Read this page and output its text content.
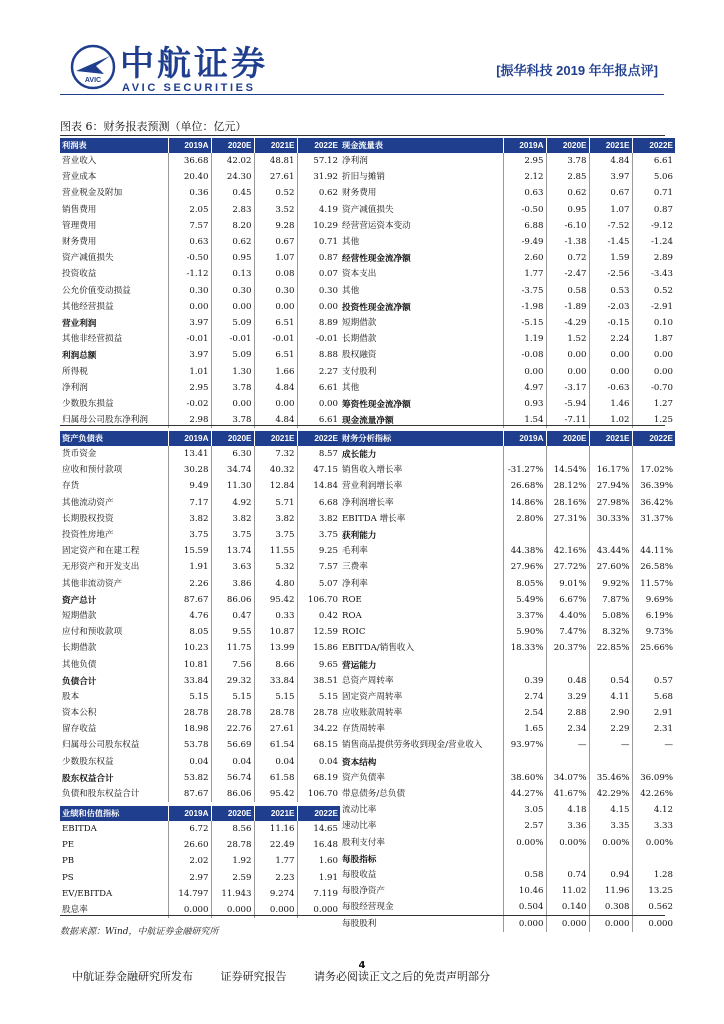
AVIC 中航证券
AVIC SECURITIES
[振华科技 2019 年年报点评]
图表 6：财务报表预测（单位：亿元）
利润表	2019A	2020E	2021E	2022E
营业收入	36.68	42.02	48.81	57.12
营业成本	20.40	24.30	27.61	31.92
营业税金及附加	0.36	0.45	0.52	0.62
销售费用	2.05	2.83	3.52	4.19
管理费用	7.57	8.20	9.28	10.29
财务费用	0.63	0.62	0.67	0.71
资产减值损失	-0.50	0.95	1.07	0.87
投资收益	-1.12	0.13	0.08	0.07
公允价值变动损益	0.30	0.30	0.30	0.30
其他经营损益	0.00	0.00	0.00	0.00
营业利润	3.97	5.09	6.51	8.89
其他非经营损益	-0.01	-0.01	-0.01	-0.01
利润总额	3.97	5.09	6.51	8.88
所得税	1.01	1.30	1.66	2.27
净利润	2.95	3.78	4.84	6.61
少数股东损益	-0.02	0.00	0.00	0.00
归属母公司股东净利润	2.98	3.78	4.84	6.61
现金流量表	2019A	2020E	2021E	2022E
净利润	2.95	3.78	4.84	6.61
折旧与摊销	2.12	2.85	3.97	5.06
财务费用	0.63	0.62	0.67	0.71
资产减值损失	-0.50	0.95	1.07	0.87
经营营运资本变动	6.88	-6.10	-7.52	-9.12
其他	-9.49	-1.38	-1.45	-1.24
经营性现金流净额	2.60	0.72	1.59	2.89
资本支出	1.77	-2.47	-2.56	-3.43
其他	-3.75	0.58	0.53	0.52
投资性现金流净额	-1.98	-1.89	-2.03	-2.91
短期借款	-5.15	-4.29	-0.15	0.10
长期借款	1.19	1.52	2.24	1.87
股权融资	-0.08	0.00	0.00	0.00
支付股利	0.00	0.00	0.00	0.00
其他	4.97	-3.17	-0.63	-0.70
筹资性现金流净额	0.93	-5.94	1.46	1.27
现金流量净额	1.54	-7.11	1.02	1.25
资产负债表	2019A	2020E	2021E	2022E
货币资金	13.41	6.30	7.32	8.57
应收和预付款项	30.28	34.74	40.32	47.15
存货	9.49	11.30	12.84	14.84
其他流动资产	7.17	4.92	5.71	6.68
长期股权投资	3.82	3.82	3.82	3.82
投资性房地产	3.75	3.75	3.75	3.75
固定资产和在建工程	15.59	13.74	11.55	9.25
无形资产和开发支出	1.91	3.63	5.32	7.57
其他非流动资产	2.26	3.86	4.80	5.07
资产总计	87.67	86.06	95.42	106.70
短期借款	4.76	0.47	0.33	0.42
应付和预收款项	8.05	9.55	10.87	12.59
长期借款	10.23	11.75	13.99	15.86
其他负债	10.81	7.56	8.66	9.65
负债合计	33.84	29.32	33.84	38.51
股本	5.15	5.15	5.15	5.15
资本公积	28.78	28.78	28.78	28.78
留存收益	18.98	22.76	27.61	34.22
归属母公司股东权益	53.78	56.69	61.54	68.15
少数股东权益	0.04	0.04	0.04	0.04
股东权益合计	53.82	56.74	61.58	68.19
负债和股东权益合计	87.67	86.06	95.42	106.70
财务分析指标	2019A	2020E	2021E	2022E
成长能力				
销售收入增长率	-31.27%	14.54%	16.17%	17.02%
营业利润增长率	26.68%	28.12%	27.94%	36.39%
净利润增长率	14.86%	28.16%	27.98%	36.42%
EBITDA 增长率	2.80%	27.31%	30.33%	31.37%
获利能力				
毛利率	44.38%	42.16%	43.44%	44.11%
三费率	27.96%	27.72%	27.60%	26.58%
净利率	8.05%	9.01%	9.92%	11.57%
ROE	5.49%	6.67%	7.87%	9.69%
ROA	3.37%	4.40%	5.08%	6.19%
ROIC	5.90%	7.47%	8.32%	9.73%
EBITDA/销售收入	18.33%	20.37%	22.85%	25.66%
营运能力				
总资产周转率	0.39	0.48	0.54	0.57
固定资产周转率	2.74	3.29	4.11	5.68
应收账款周转率	2.54	2.88	2.90	2.91
存货周转率	1.65	2.34	2.29	2.31
销售商品提供劳务收到现金/营业收入	93.97%	—	—	—
资本结构				
资产负债率	38.60%	34.07%	35.46%	36.09%
带息债务/总负债	44.27%	41.67%	42.29%	42.26%
流动比率	3.05	4.18	4.15	4.12
速动比率	2.57	3.36	3.35	3.33
股利支付率	0.00%	0.00%	0.00%	0.00%
每股指标				
每股收益	0.58	0.74	0.94	1.28
每股净资产	10.46	11.02	11.96	13.25
每股经营现金	0.504	0.140	0.308	0.562
每股股利	0.000	0.000	0.000	0.000
业绩和估值指标	2019A	2020E	2021E	2022E
EBITDA	6.72	8.56	11.16	14.65
PE	26.60	28.78	22.49	16.48
PB	2.02	1.92	1.77	1.60
PS	2.97	2.59	2.23	1.91
EV/EBITDA	14.797	11.943	9.274	7.119
股息率	0.000	0.000	0.000	0.000
数据来源：Wind，中航证券金融研究所
4
中航证券金融研究所发布	证券研究报告	请务必阅读正文之后的免责声明部分
